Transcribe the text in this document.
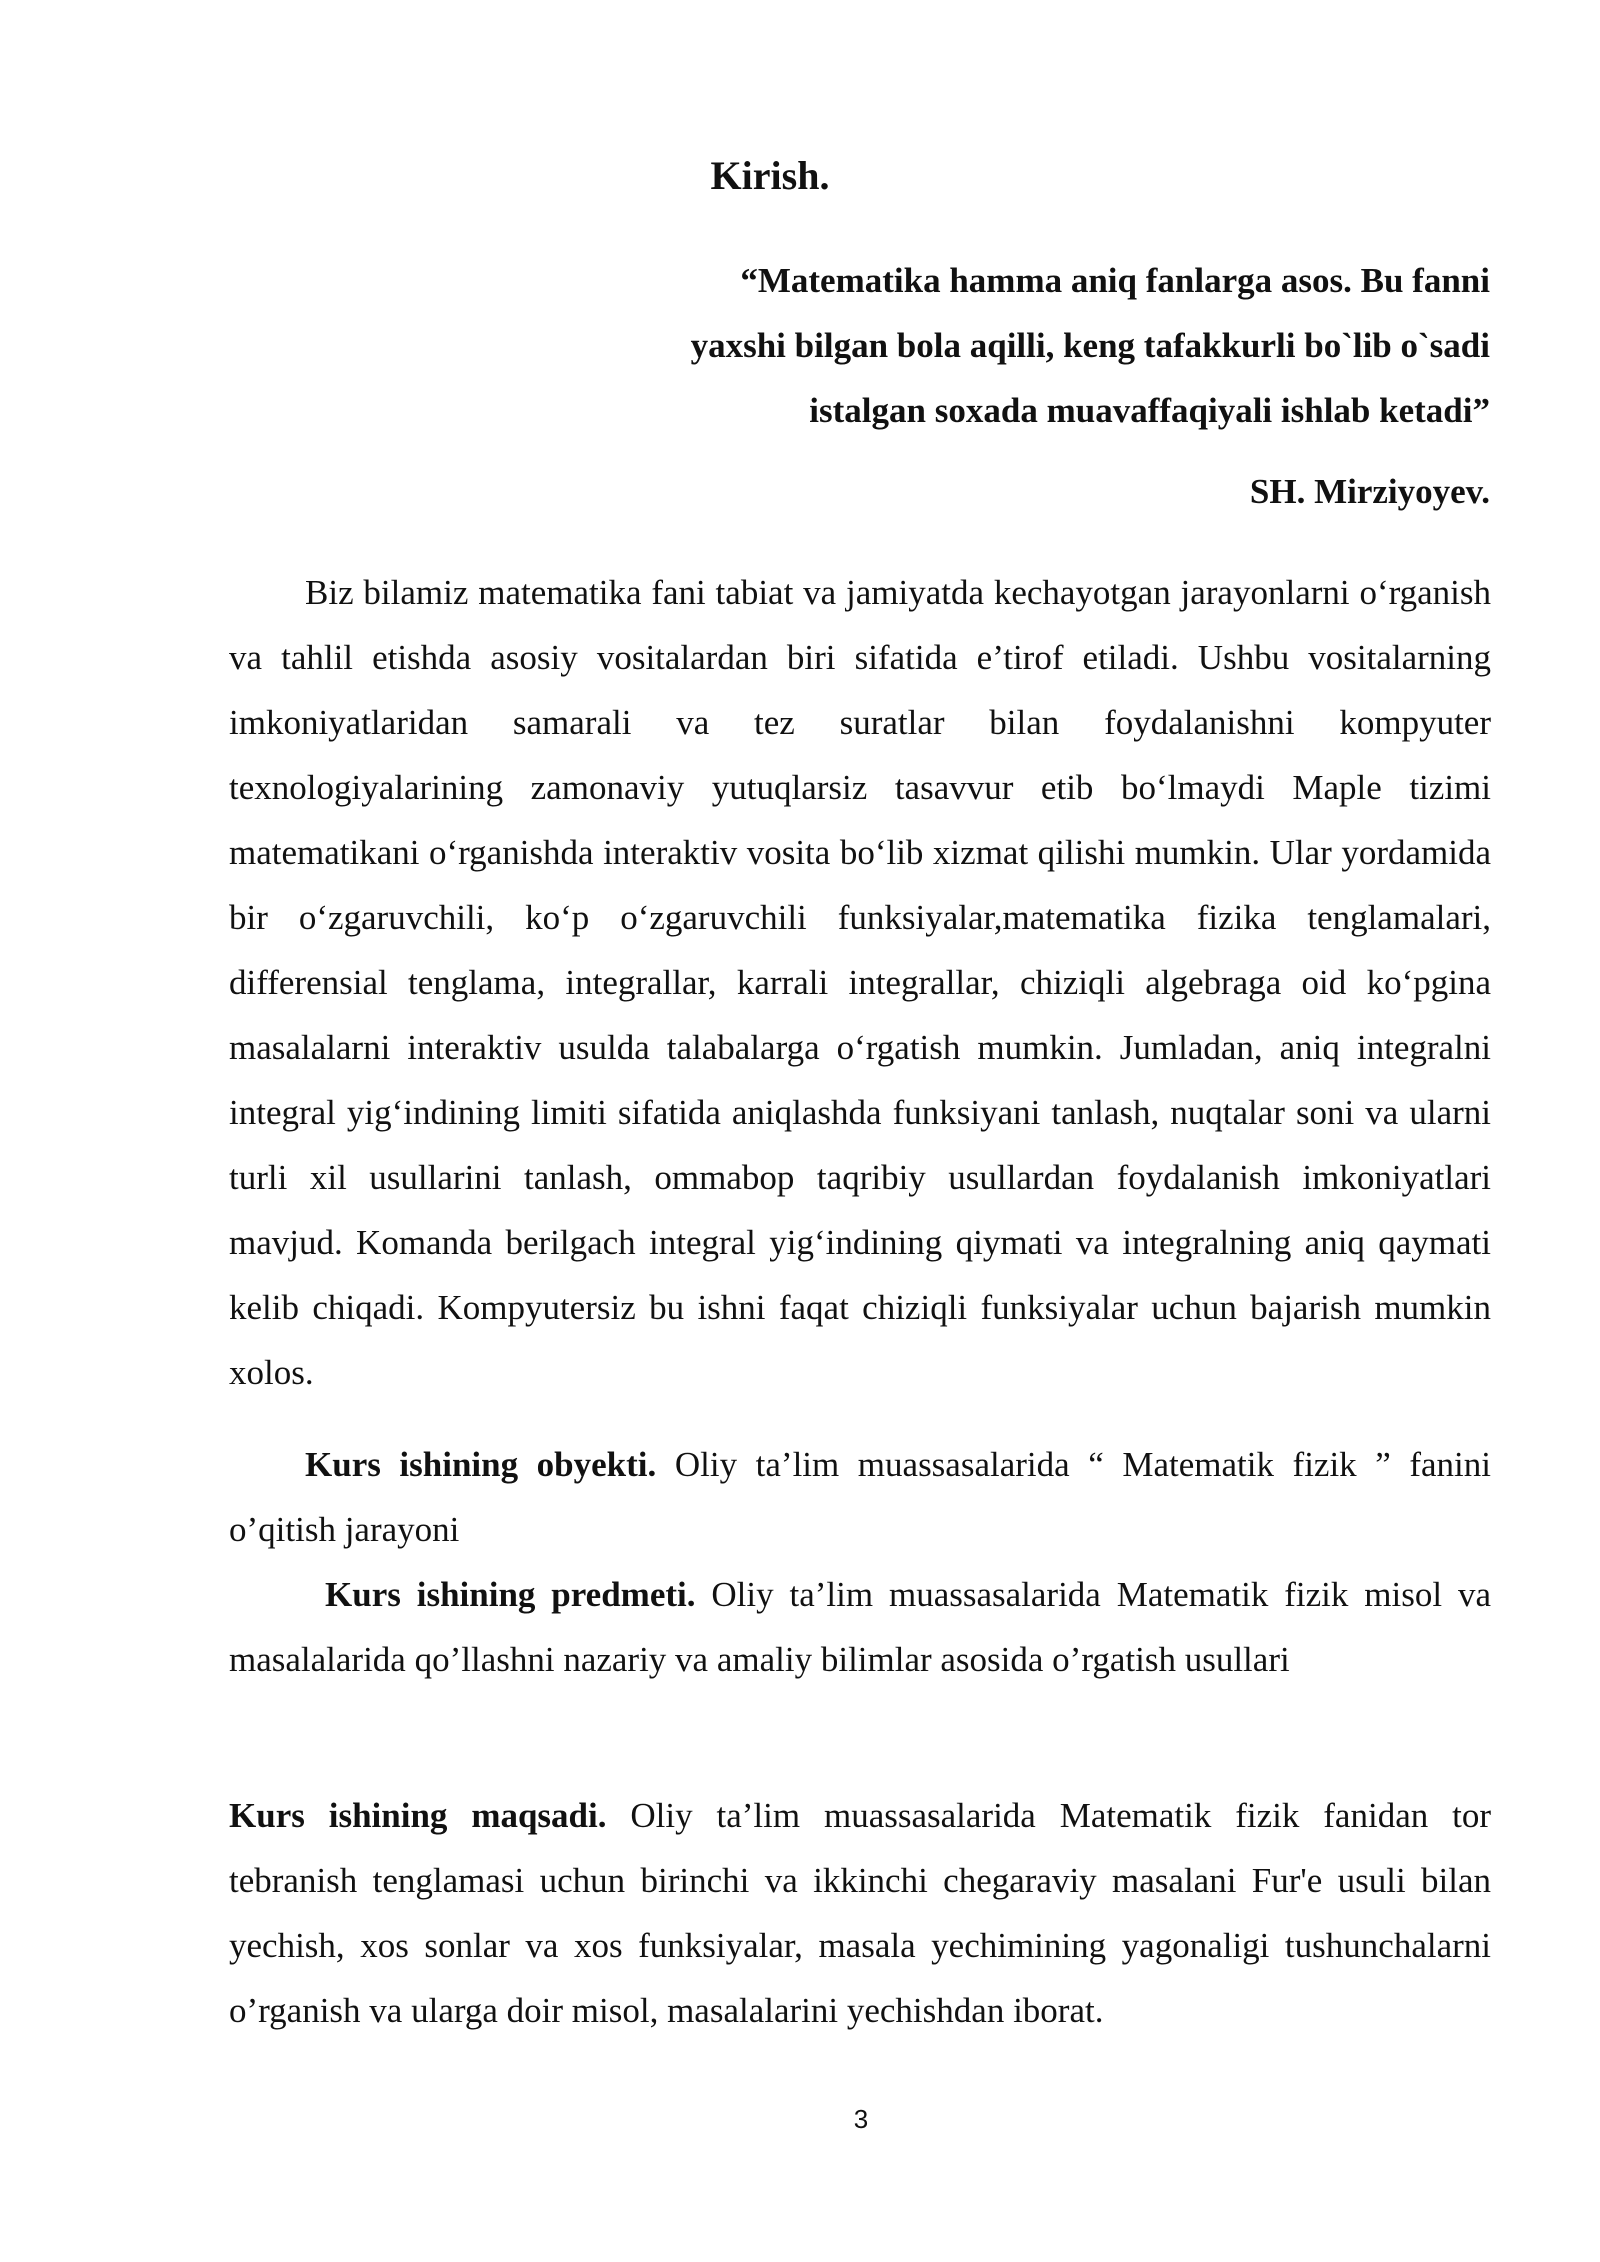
Kirish.
“Matematika hamma aniq fanlarga asos. Bu fanni
yaxshi bilgan bola aqilli, keng tafakkurli bo`lib o`sadi
istalgan soxada muavaffaqiyali ishlab ketadi”
SH. Mirziyoyev.

Biz bilamiz matematika fani tabiat va jamiyatda kechayotgan jarayonlarni o‘rganish va tahlil etishda asosiy vositalardan biri sifatida e’tirof etiladi. Ushbu vositalarning imkoniyatlaridan samarali va tez suratlar bilan foydalanishni kompyuter texnologiyalarining zamonaviy yutuqlarsiz tasavvur etib bo‘lmaydi Maple tizimi matematikani o‘rganishda interaktiv vosita bo‘lib xizmat qilishi mumkin. Ular yordamida bir o‘zgaruvchili, ko‘p o‘zgaruvchili funksiyalar,matematika fizika tenglamalari, differensial tenglama, integrallar, karrali integrallar, chiziqli algebraga oid ko‘pgina masalalarni interaktiv usulda talabalarga o‘rgatish mumkin. Jumladan, aniq integralni integral yig‘indining limiti sifatida aniqlashda funksiyani tanlash, nuqtalar soni va ularni turli xil usullarini tanlash, ommabop taqribiy usullardan foydalanish imkoniyatlari mavjud. Komanda berilgach integral yig‘indining qiymati va integralning aniq qaymati kelib chiqadi. Kompyutersiz bu ishni faqat chiziqli funksiyalar uchun bajarish mumkin xolos.

Kurs ishining obyekti. Oliy ta’lim muassasalarida “ Matematik fizik ” fanini o’qitish jarayoni

Kurs ishining predmeti. Oliy ta’lim muassasalarida Matematik fizik misol va masalalarida qo’llashni nazariy va amaliy bilimlar asosida o’rgatish usullari

Kurs ishining maqsadi. Oliy ta’lim muassasalarida Matematik fizik fanidan tor tebranish tenglamasi uchun birinchi va ikkinchi chegaraviy masalani Fur'e usuli bilan yechish, xos sonlar va xos funksiyalar, masala yechimining yagonaligi tushunchalarni o’rganish va ularga doir misol, masalalarini yechishdan iborat.

3
